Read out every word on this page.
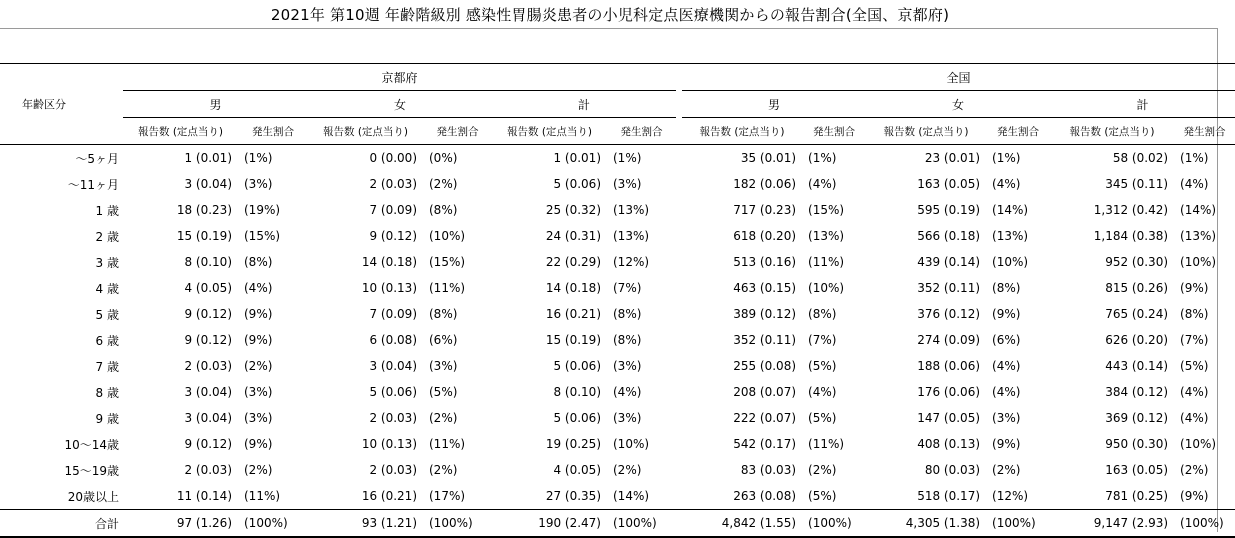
2021年 第10週 年齢階級別 感染性胃腸炎患者の小児科定点医療機関からの報告割合(全国、京都府)
年齢区分	京都府							全国					
	男		女		計			男		女		計	
	報告数 (定点当り)	発生割合	報告数 (定点当り)	発生割合	報告数 (定点当り)	発生割合		報告数 (定点当り)	発生割合	報告数 (定点当り)	発生割合	報告数 (定点当り)	発生割合
～5ヶ月	1 (0.01)	(1%)	0 (0.00)	(0%)	1 (0.01)	(1%)		35 (0.01)	(1%)	23 (0.01)	(1%)	58 (0.02)	(1%)
～11ヶ月	3 (0.04)	(3%)	2 (0.03)	(2%)	5 (0.06)	(3%)		182 (0.06)	(4%)	163 (0.05)	(4%)	345 (0.11)	(4%)
1 歳	18 (0.23)	(19%)	7 (0.09)	(8%)	25 (0.32)	(13%)		717 (0.23)	(15%)	595 (0.19)	(14%)	1,312 (0.42)	(14%)
2 歳	15 (0.19)	(15%)	9 (0.12)	(10%)	24 (0.31)	(13%)		618 (0.20)	(13%)	566 (0.18)	(13%)	1,184 (0.38)	(13%)
3 歳	8 (0.10)	(8%)	14 (0.18)	(15%)	22 (0.29)	(12%)		513 (0.16)	(11%)	439 (0.14)	(10%)	952 (0.30)	(10%)
4 歳	4 (0.05)	(4%)	10 (0.13)	(11%)	14 (0.18)	(7%)		463 (0.15)	(10%)	352 (0.11)	(8%)	815 (0.26)	(9%)
5 歳	9 (0.12)	(9%)	7 (0.09)	(8%)	16 (0.21)	(8%)		389 (0.12)	(8%)	376 (0.12)	(9%)	765 (0.24)	(8%)
6 歳	9 (0.12)	(9%)	6 (0.08)	(6%)	15 (0.19)	(8%)		352 (0.11)	(7%)	274 (0.09)	(6%)	626 (0.20)	(7%)
7 歳	2 (0.03)	(2%)	3 (0.04)	(3%)	5 (0.06)	(3%)		255 (0.08)	(5%)	188 (0.06)	(4%)	443 (0.14)	(5%)
8 歳	3 (0.04)	(3%)	5 (0.06)	(5%)	8 (0.10)	(4%)		208 (0.07)	(4%)	176 (0.06)	(4%)	384 (0.12)	(4%)
9 歳	3 (0.04)	(3%)	2 (0.03)	(2%)	5 (0.06)	(3%)		222 (0.07)	(5%)	147 (0.05)	(3%)	369 (0.12)	(4%)
10～14歳	9 (0.12)	(9%)	10 (0.13)	(11%)	19 (0.25)	(10%)		542 (0.17)	(11%)	408 (0.13)	(9%)	950 (0.30)	(10%)
15～19歳	2 (0.03)	(2%)	2 (0.03)	(2%)	4 (0.05)	(2%)		83 (0.03)	(2%)	80 (0.03)	(2%)	163 (0.05)	(2%)
20歳以上	11 (0.14)	(11%)	16 (0.21)	(17%)	27 (0.35)	(14%)		263 (0.08)	(5%)	518 (0.17)	(12%)	781 (0.25)	(9%)
合計	97 (1.26)	(100%)	93 (1.21)	(100%)	190 (2.47)	(100%)		4,842 (1.55)	(100%)	4,305 (1.38)	(100%)	9,147 (2.93)	(100%)
